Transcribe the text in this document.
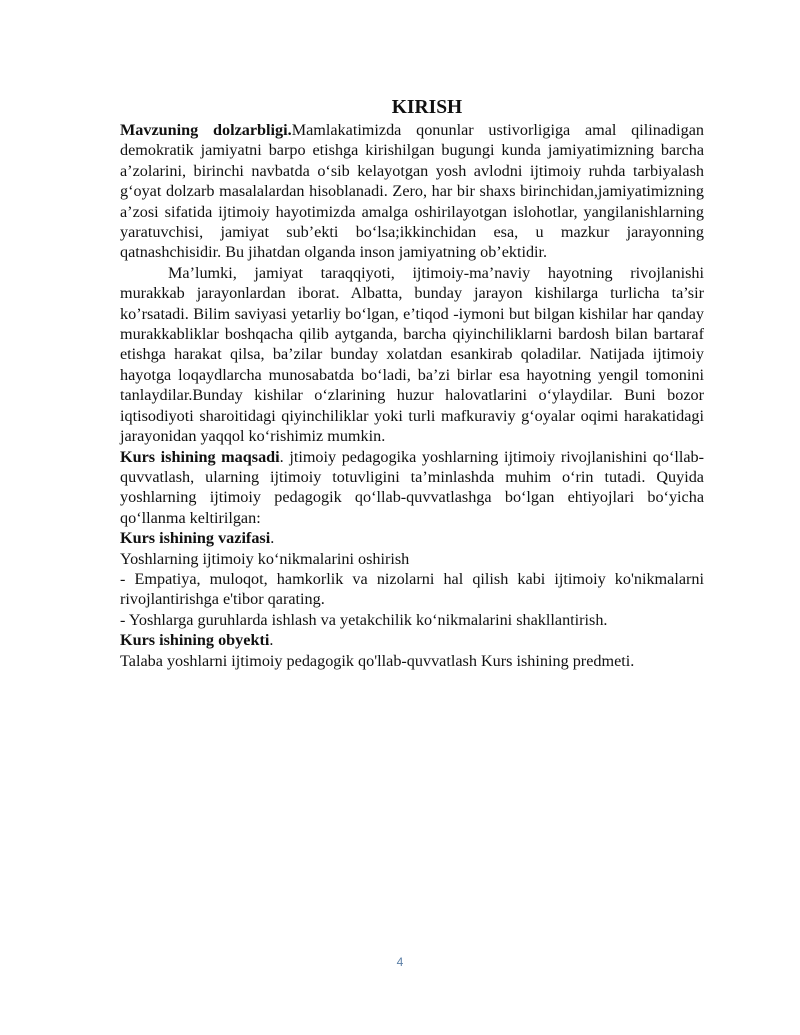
KIRISH

Mavzuning dolzarbligi.Mamlakatimizda qonunlar ustivorligiga amal qilinadigan demokratik jamiyatni barpo etishga kirishilgan bugungi kunda jamiyatimizning barcha a’zolarini, birinchi navbatda o‘sib kelayotgan yosh avlodni ijtimoiy ruhda tarbiyalash g‘oyat dolzarb masalalardan hisoblanadi. Zero, har bir shaxs birinchidan,jamiyatimizning a’zosi sifatida ijtimoiy hayotimizda amalga oshirilayotgan islohotlar, yangilanishlarning yaratuvchisi, jamiyat sub’ekti bo‘lsa;ikkinchidan esa, u mazkur jarayonning qatnashchisidir. Bu jihatdan olganda inson jamiyatning ob’ektidir.

Ma’lumki, jamiyat taraqqiyoti, ijtimoiy-ma’naviy hayotning rivojlanishi murakkab jarayonlardan iborat. Albatta, bunday jarayon kishilarga turlicha ta’sir ko’rsatadi. Bilim saviyasi yetarliy bo‘lgan, e’tiqod -iymoni but bilgan kishilar har qanday murakkabliklar boshqacha qilib aytganda, barcha qiyinchiliklarni bardosh bilan bartaraf etishga harakat qilsa, ba’zilar bunday xolatdan esankirab qoladilar. Natijada ijtimoiy hayotga loqaydlarcha munosabatda bo‘ladi, ba’zi birlar esa hayotning yengil tomonini tanlaydilar.Bunday kishilar o‘zlarining huzur halovatlarini o‘ylaydilar. Buni bozor iqtisodiyoti sharoitidagi qiyinchiliklar yoki turli mafkuraviy g‘oyalar oqimi harakatidagi jarayonidan yaqqol ko‘rishimiz mumkin.

Kurs ishining maqsadi. jtimoiy pedagogika yoshlarning ijtimoiy rivojlanishini qo‘llab-quvvatlash, ularning ijtimoiy totuvligini ta’minlashda muhim o‘rin tutadi. Quyida yoshlarning ijtimoiy pedagogik qo‘llab-quvvatlashga bo‘lgan ehtiyojlari bo‘yicha qo‘llanma keltirilgan:

Kurs ishining vazifasi.

Yoshlarning ijtimoiy ko‘nikmalarini oshirish

- Empatiya, muloqot, hamkorlik va nizolarni hal qilish kabi ijtimoiy ko'nikmalarni rivojlantirishga e'tibor qarating.

- Yoshlarga guruhlarda ishlash va yetakchilik ko‘nikmalarini shakllantirish.

Kurs ishining obyekti.

Talaba yoshlarni ijtimoiy pedagogik qo'llab-quvvatlash Kurs ishining predmeti.

4
